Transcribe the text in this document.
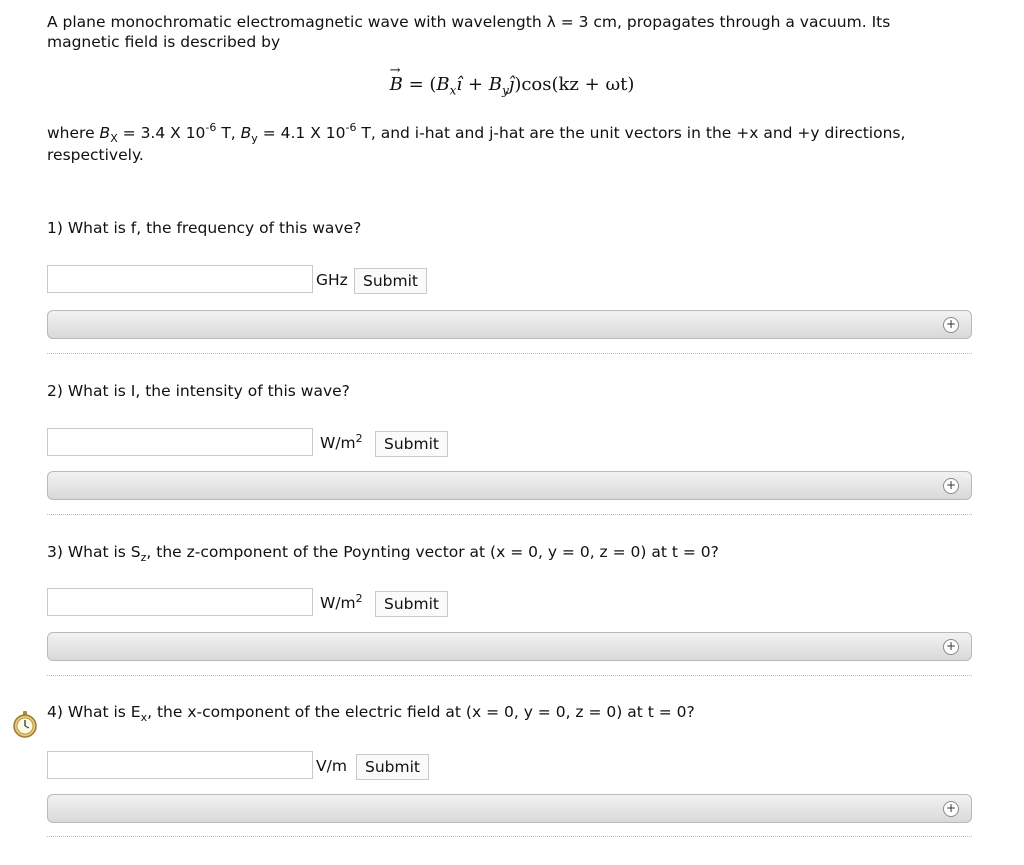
A plane monochromatic electromagnetic wave with wavelength λ = 3 cm, propagates through a vacuum. Its
magnetic field is described by
→
$B = (B_xî$ + $B_yĵ)\cos(kz + \omega t)$
where $B_X = 3.4$ X $10^{-6}$ T, $B_y = 4.1$ X $10^{-6}$ T, and i-hat and j-hat are the unit vectors in the +x and +y directions,
respectively.
1) What is f, the frequency of this wave?
GHz Submit
+
2) What is I, the intensity of this wave?
$W/m^2$	Submit
+
3) What is $S_z$, the z-component of the Poynting vector at (x = 0, y = 0, z = 0) at t = 0?
$W/m^2$	Submit
+
4) What is $E_x$, the x-component of the electric field at (x = 0, y = 0, z = 0) at t = 0?
V/m	Submit
+
